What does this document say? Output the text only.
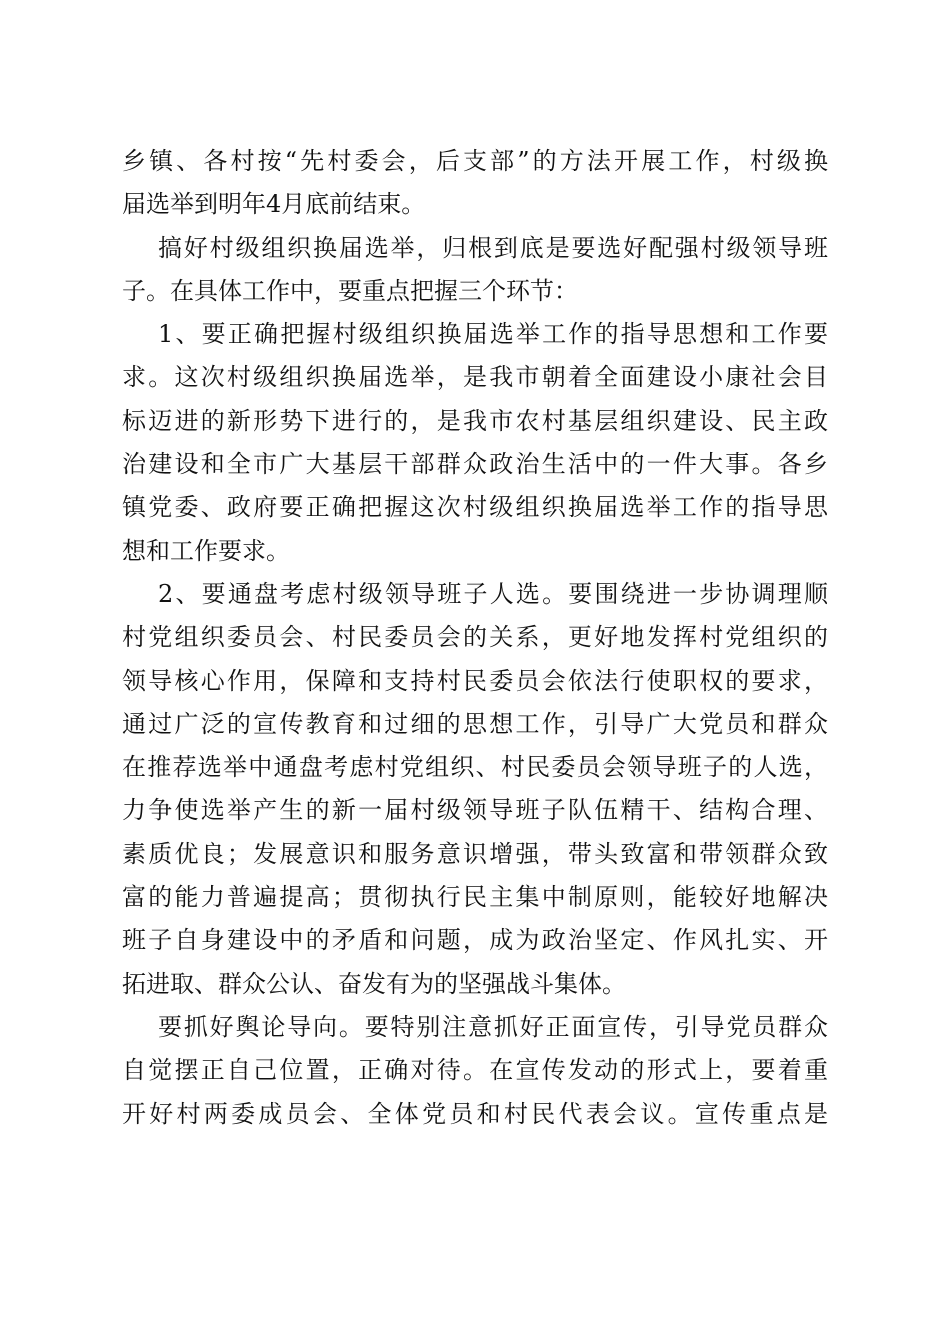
乡镇、各村按“先村委会，后支部”的方法开展工作，村级换
届选举到明年4月底前结束。
搞好村级组织换届选举，归根到底是要选好配强村级领导班
子。在具体工作中，要重点把握三个环节：
1、要正确把握村级组织换届选举工作的指导思想和工作要
求。这次村级组织换届选举，是我市朝着全面建设小康社会目
标迈进的新形势下进行的，是我市农村基层组织建设、民主政
治建设和全市广大基层干部群众政治生活中的一件大事。各乡
镇党委、政府要正确把握这次村级组织换届选举工作的指导思
想和工作要求。
2、要通盘考虑村级领导班子人选。要围绕进一步协调理顺
村党组织委员会、村民委员会的关系，更好地发挥村党组织的
领导核心作用，保障和支持村民委员会依法行使职权的要求，
通过广泛的宣传教育和过细的思想工作，引导广大党员和群众
在推荐选举中通盘考虑村党组织、村民委员会领导班子的人选，
力争使选举产生的新一届村级领导班子队伍精干、结构合理、
素质优良；发展意识和服务意识增强，带头致富和带领群众致
富的能力普遍提高；贯彻执行民主集中制原则，能较好地解决
班子自身建设中的矛盾和问题，成为政治坚定、作风扎实、开
拓进取、群众公认、奋发有为的坚强战斗集体。
要抓好舆论导向。要特别注意抓好正面宣传，引导党员群众
自觉摆正自己位置，正确对待。在宣传发动的形式上，要着重
开好村两委成员会、全体党员和村民代表会议。宣传重点是
